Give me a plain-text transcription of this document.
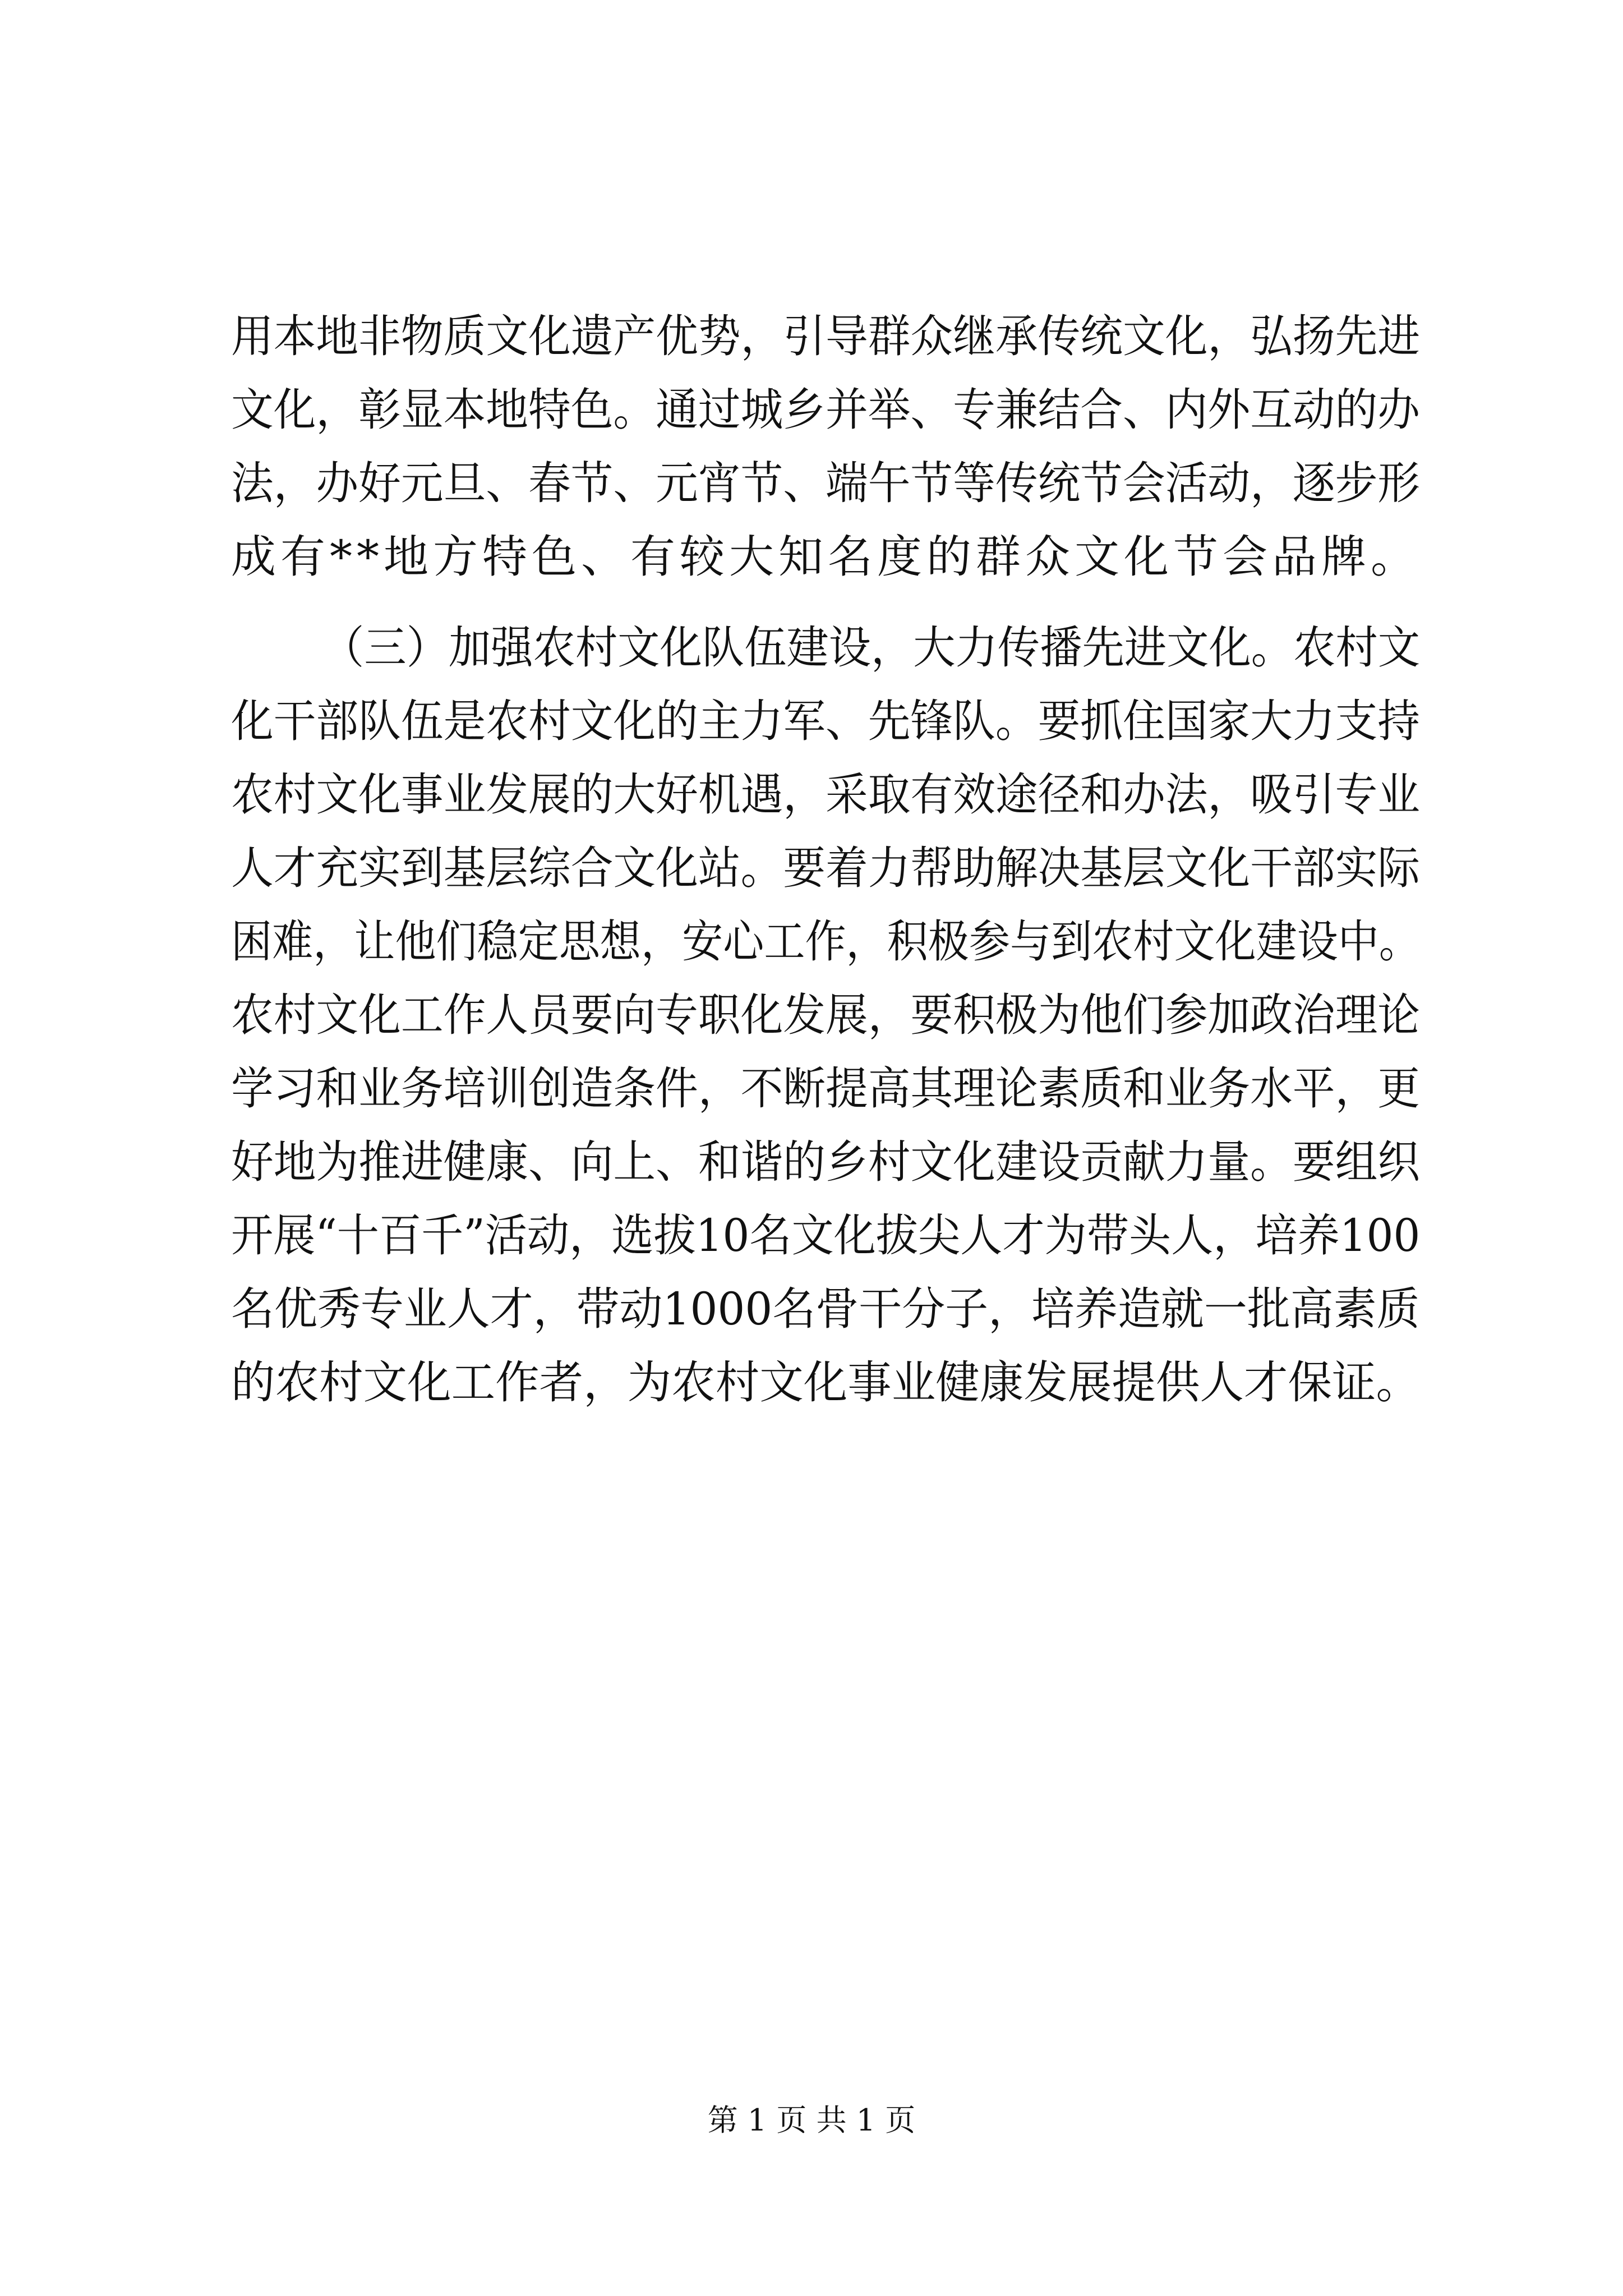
用本地非物质文化遗产优势，引导群众继承传统文化，弘扬先进
文化，彰显本地特色。通过城乡并举、专兼结合、内外互动的办
法，办好元旦、春节、元宵节、端午节等传统节会活动，逐步形
成有**地方特色、有较大知名度的群众文化节会品牌。
（三）加强农村文化队伍建设，大力传播先进文化。农村文
化干部队伍是农村文化的主力军、先锋队。要抓住国家大力支持
农村文化事业发展的大好机遇，采取有效途径和办法，吸引专业
人才充实到基层综合文化站。要着力帮助解决基层文化干部实际
困难，让他们稳定思想，安心工作，积极参与到农村文化建设中。
农村文化工作人员要向专职化发展，要积极为他们参加政治理论
学习和业务培训创造条件，不断提高其理论素质和业务水平，更
好地为推进健康、向上、和谐的乡村文化建设贡献力量。要组织
开展“十百千”活动，选拔10名文化拔尖人才为带头人，培养100
名优秀专业人才，带动1000名骨干分子，培养造就一批高素质
的农村文化工作者，为农村文化事业健康发展提供人才保证。
第 1 页 共 1 页
